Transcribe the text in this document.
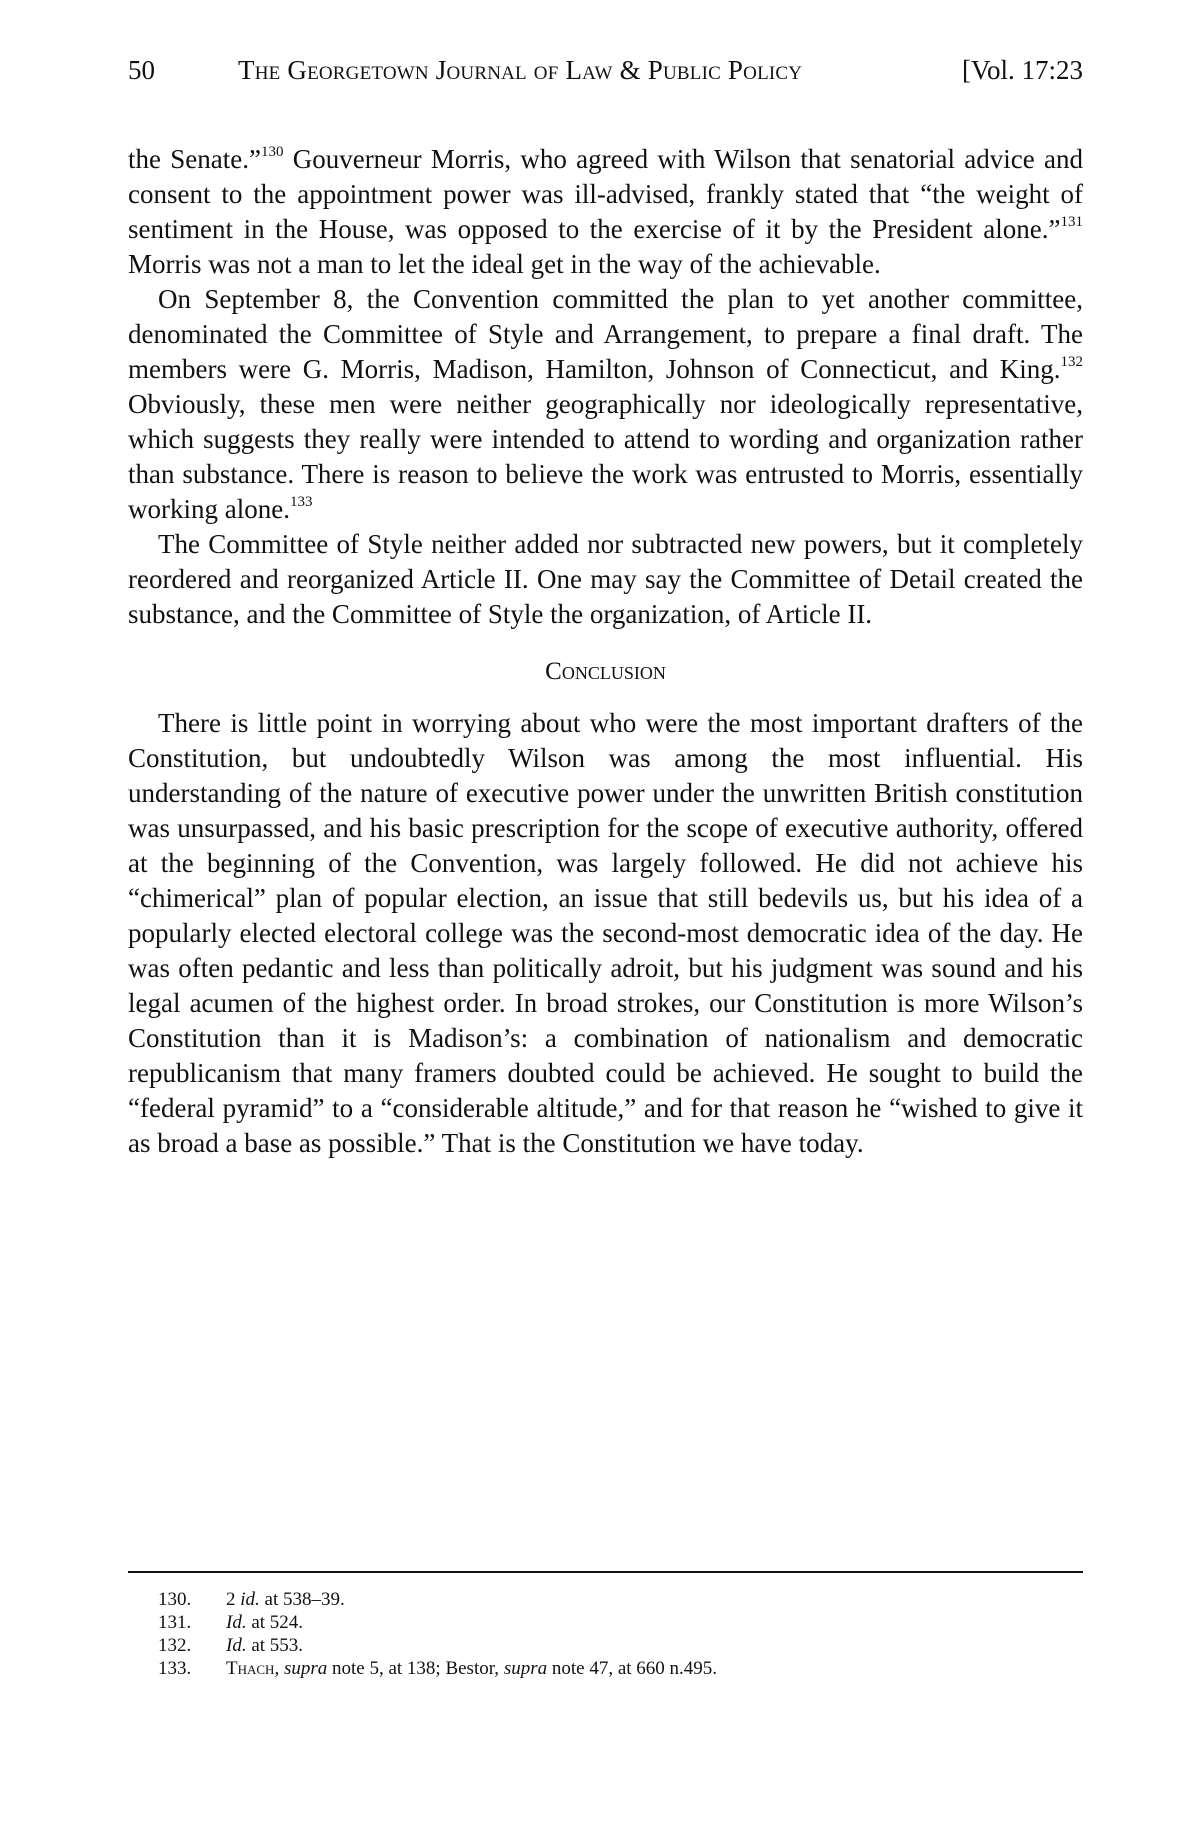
50	The Georgetown Journal of Law & Public Policy	[Vol. 17:23

the Senate.”$^{130}$ Gouverneur Morris, who agreed with Wilson that senatorial advice and consent to the appointment power was ill-advised, frankly stated that “the weight of sentiment in the House, was opposed to the exercise of it by the President alone.”$^{131}$ Morris was not a man to let the ideal get in the way of the achievable.

On September 8, the Convention committed the plan to yet another committee, denominated the Committee of Style and Arrangement, to prepare a final draft. The members were G. Morris, Madison, Hamilton, Johnson of Connecticut, and King.$^{132}$ Obviously, these men were neither geographically nor ideologically representative, which suggests they really were intended to attend to wording and organization rather than substance. There is reason to believe the work was entrusted to Morris, essentially working alone.$^{133}$

The Committee of Style neither added nor subtracted new powers, but it completely reordered and reorganized Article II. One may say the Committee of Detail created the substance, and the Committee of Style the organization, of Article II.

Conclusion

There is little point in worrying about who were the most important drafters of the Constitution, but undoubtedly Wilson was among the most influential. His understanding of the nature of executive power under the unwritten British constitution was unsurpassed, and his basic prescription for the scope of executive authority, offered at the beginning of the Convention, was largely followed. He did not achieve his “chimerical” plan of popular election, an issue that still bedevils us, but his idea of a popularly elected electoral college was the second-most democratic idea of the day. He was often pedantic and less than politically adroit, but his judgment was sound and his legal acumen of the highest order. In broad strokes, our Constitution is more Wilson’s Constitution than it is Madison’s: a combination of nationalism and democratic republicanism that many framers doubted could be achieved. He sought to build the “federal pyramid” to a “considerable altitude,” and for that reason he “wished to give it as broad a base as possible.” That is the Constitution we have today.

130. 2 id. at 538–39.
131. Id. at 524.
132. Id. at 553.
133. Thach, supra note 5, at 138; Bestor, supra note 47, at 660 n.495.
